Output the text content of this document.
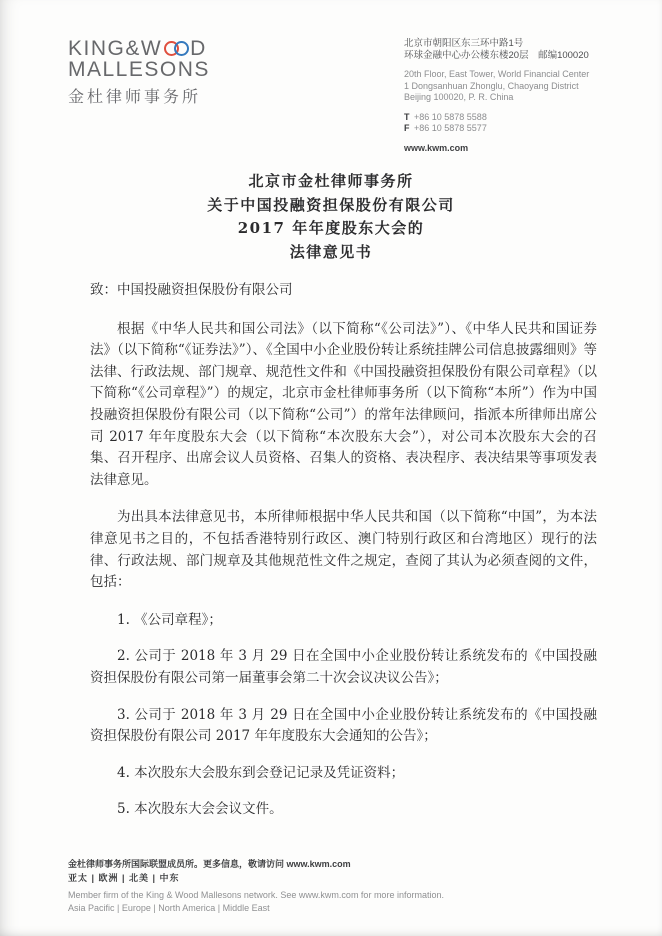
KING&W D
MALLESONS
金杜律师事务所
北京市朝阳区东三环中路1号
环球金融中心办公楼东楼20层　邮编100020
20th Floor, East Tower, World Financial Center
1 Dongsanhuan Zhonglu, Chaoyang District
Beijing 100020, P. R. China
T +86 10 5878 5588
F +86 10 5878 5577
www.kwm.com
北京市金杜律师事务所
关于中国投融资担保股份有限公司
2017 年年度股东大会的
法律意见书
致：中国投融资担保股份有限公司

根据《中华人民共和国公司法》（以下简称“《公司法》”）、《中华人民共和国证券法》（以下简称“《证券法》”）、《全国中小企业股份转让系统挂牌公司信息披露细则》等法律、行政法规、部门规章、规范性文件和《中国投融资担保股份有限公司章程》（以下简称“《公司章程》”）的规定，北京市金杜律师事务所（以下简称“本所”）作为中国投融资担保股份有限公司（以下简称“公司”）的常年法律顾问，指派本所律师出席公司 2017 年年度股东大会（以下简称“本次股东大会”），对公司本次股东大会的召集、召开程序、出席会议人员资格、召集人的资格、表决程序、表决结果等事项发表法律意见。

为出具本法律意见书，本所律师根据中华人民共和国（以下简称“中国”，为本法律意见书之目的，不包括香港特别行政区、澳门特别行政区和台湾地区）现行的法律、行政法规、部门规章及其他规范性文件之规定，查阅了其认为必须查阅的文件，包括：

1. 《公司章程》；
2. 公司于 2018 年 3 月 29 日在全国中小企业股份转让系统发布的《中国投融资担保股份有限公司第一届董事会第二十次会议决议公告》；
3. 公司于 2018 年 3 月 29 日在全国中小企业股份转让系统发布的《中国投融资担保股份有限公司 2017 年年度股东大会通知的公告》；
4. 本次股东大会股东到会登记记录及凭证资料；
5. 本次股东大会会议文件。
金杜律师事务所国际联盟成员所。更多信息，敬请访问 www.kwm.com
亚太 | 欧洲 | 北美 | 中东
Member firm of the King & Wood Mallesons network. See www.kwm.com for more information.
Asia Pacific | Europe | North America | Middle East
